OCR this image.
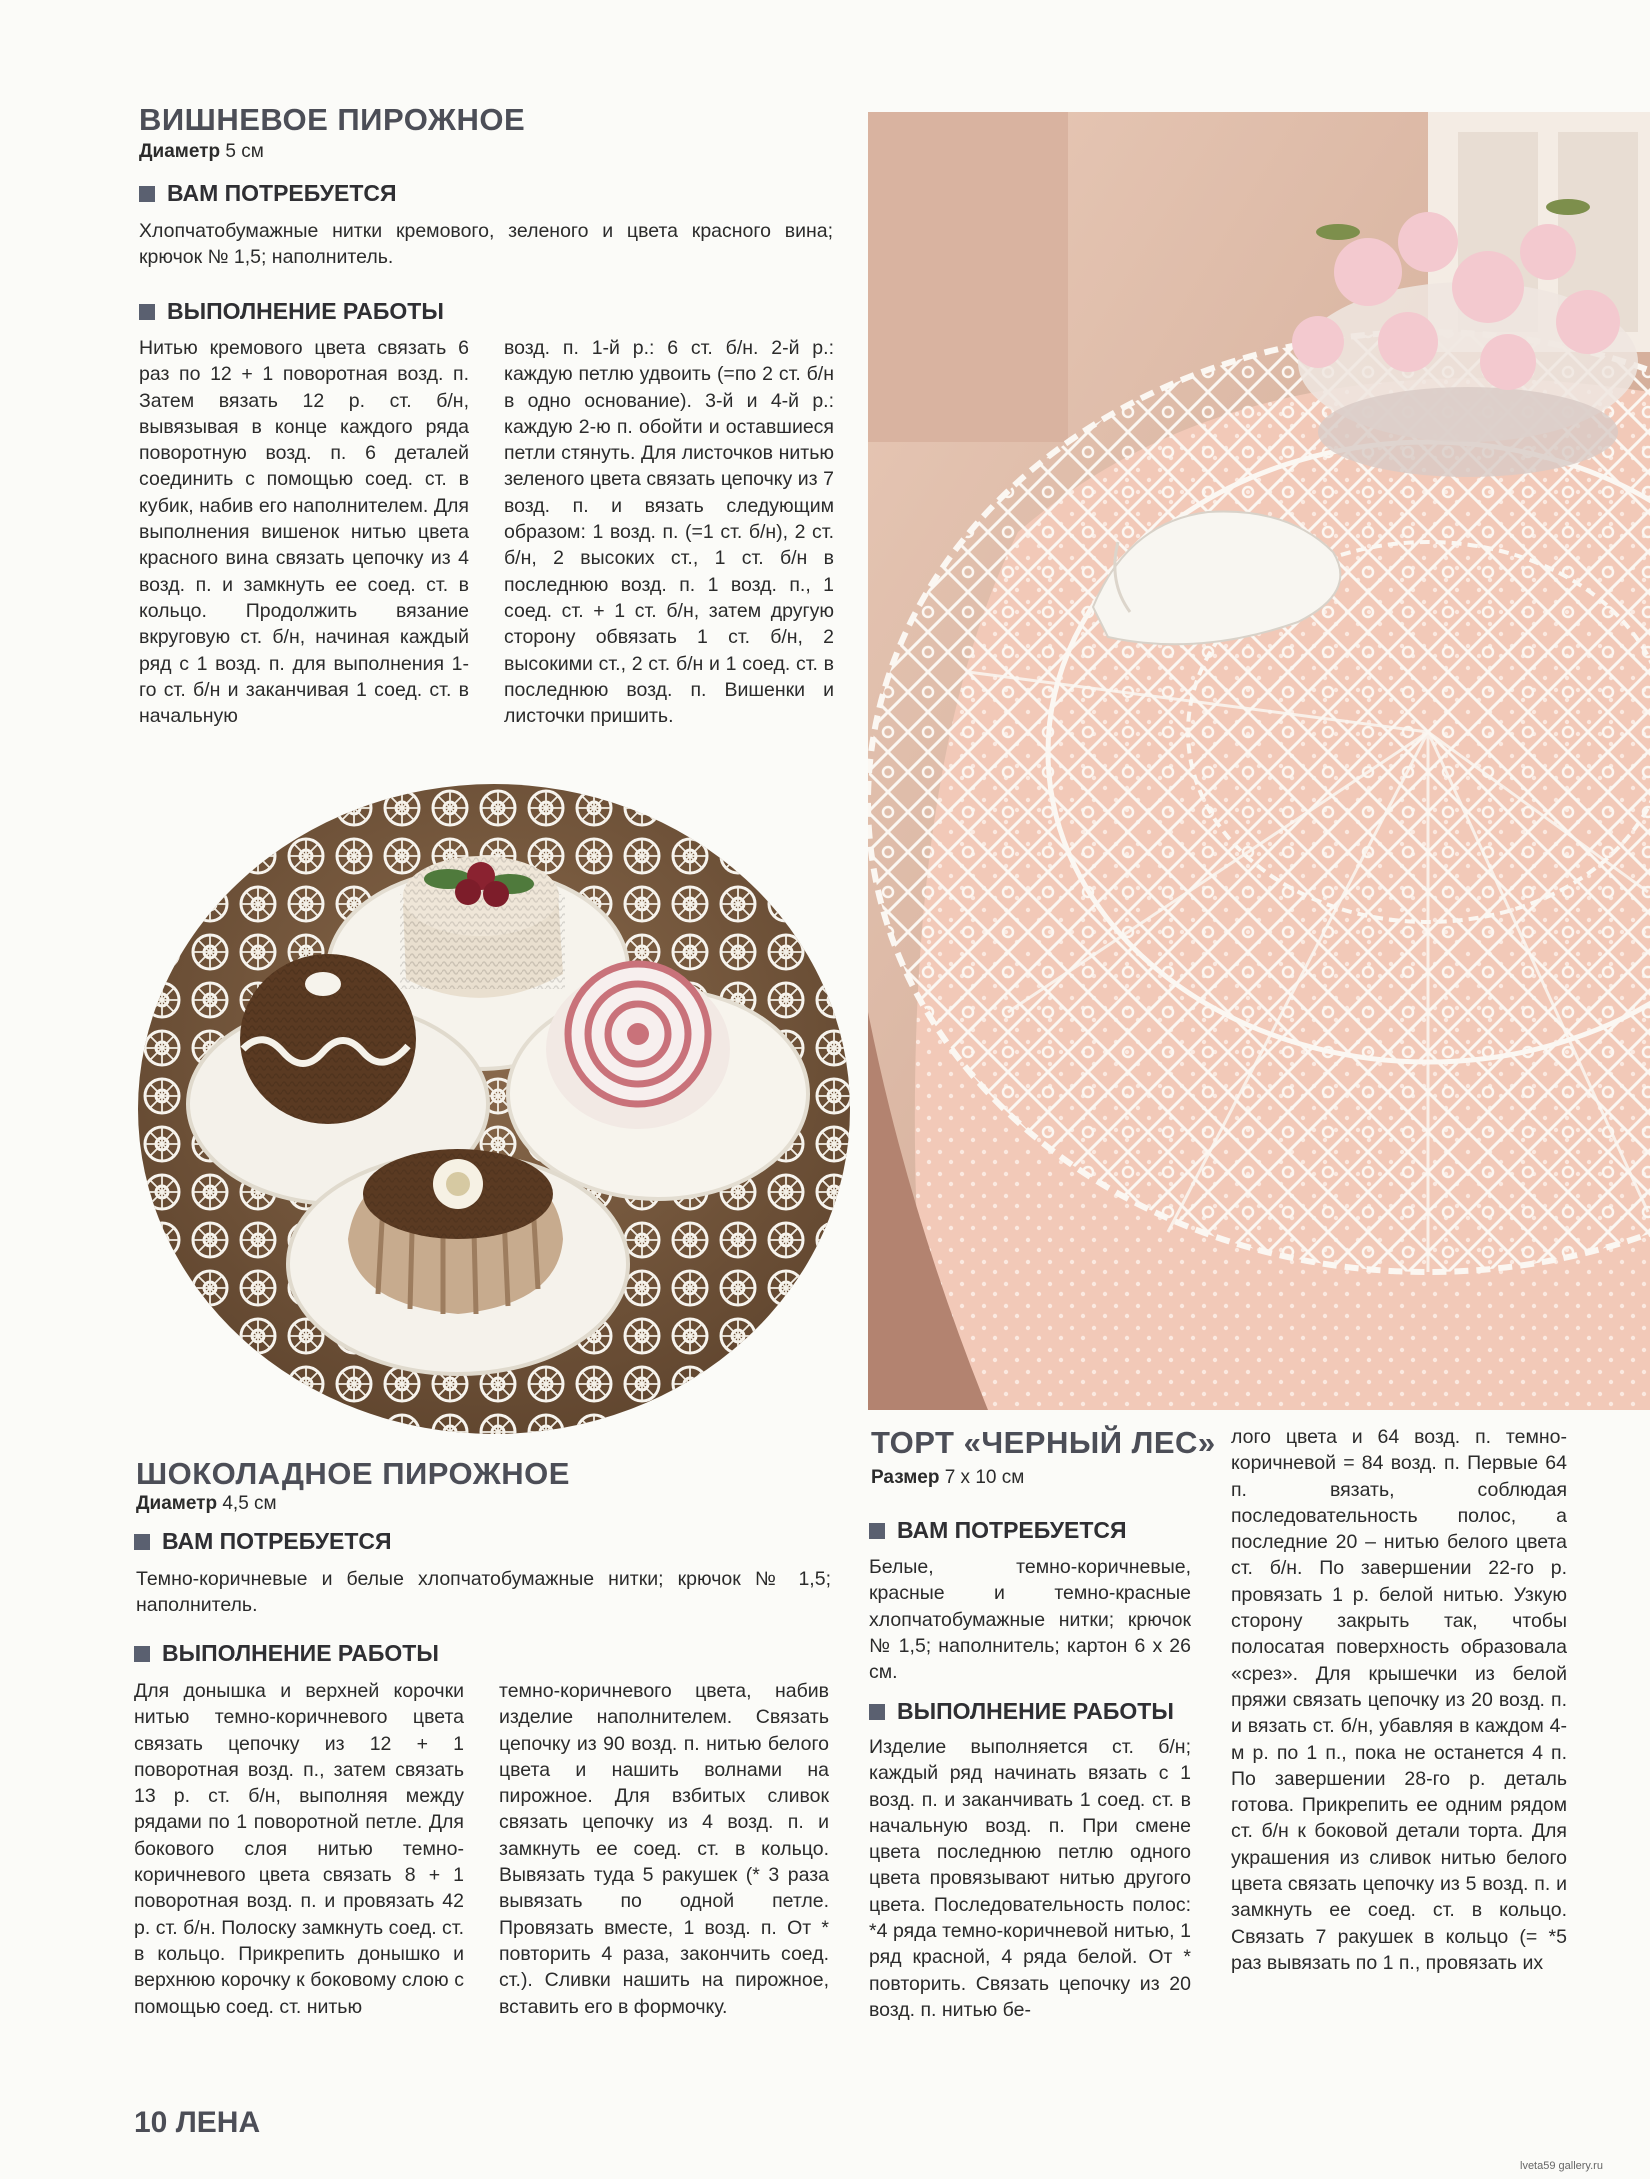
ВИШНЕВОЕ ПИРОЖНОЕ
Диаметр 5 см
ВАМ ПОТРЕБУЕТСЯ

Хлопчатобумажные нитки кремового, зеленого и цвета красного вина; крючок № 1,5; наполнитель.

ВЫПОЛНЕНИЕ РАБОТЫ

Нитью кремового цвета связать 6 раз по 12 + 1 поворотная возд. п. Затем вязать 12 р. ст. б/н, вывязывая в конце каждого ряда поворотную возд. п. 6 деталей соединить с помощью соед. ст. в кубик, набив его наполнителем. Для выполнения вишенок нитью цвета красного вина связать цепочку из 4 возд. п. и замкнуть ее соед. ст. в кольцо. Продолжить вязание вкруговую ст. б/н, начиная каждый ряд с 1 возд. п. для выполнения 1-го ст. б/н и заканчивая 1 соед. ст. в начальную

возд. п. 1-й р.: 6 ст. б/н. 2-й р.: каждую петлю удвоить (=по 2 ст. б/н в одно основание). 3-й и 4-й р.: каждую 2-ю п. обойти и оставшиеся петли стянуть. Для листочков нитью зеленого цвета связать цепочку из 7 возд. п. и вязать следующим образом: 1 возд. п. (=1 ст. б/н), 2 ст. б/н, 2 высоких ст., 1 ст. б/н в последнюю возд. п. 1 возд. п., 1 соед. ст. + 1 ст. б/н, затем другую сторону обвязать 1 ст. б/н, 2 высокими ст., 2 ст. б/н и 1 соед. ст. в последнюю возд. п. Вишенки и листочки пришить.

ШОКОЛАДНОЕ ПИРОЖНОЕ
Диаметр 4,5 см
ВАМ ПОТРЕБУЕТСЯ

Темно-коричневые и белые хлопчатобумажные нитки; крючок № 1,5; наполнитель.

ВЫПОЛНЕНИЕ РАБОТЫ

Для донышка и верхней корочки нитью темно-коричневого цвета связать цепочку из 12 + 1 поворотная возд. п., затем связать 13 р. ст. б/н, выполняя между рядами по 1 поворотной петле. Для бокового слоя нитью темно-коричневого цвета связать 8 + 1 поворотная возд. п. и провязать 42 р. ст. б/н. Полоску замкнуть соед. ст. в кольцо. Прикрепить донышко и верхнюю корочку к боковому слою с помощью соед. ст. нитью

темно-коричневого цвета, набив изделие наполнителем. Связать цепочку из 90 возд. п. нитью белого цвета и нашить волнами на пирожное. Для взбитых сливок связать цепочку из 4 возд. п. и замкнуть ее соед. ст. в кольцо. Вывязать туда 5 ракушек (* 3 раза вывязать по одной петле. Провязать вместе, 1 возд. п. От * повторить 4 раза, закончить соед. ст.). Сливки нашить на пирожное, вставить его в формочку.

ТОРТ «ЧЕРНЫЙ ЛЕС»
Размер 7 х 10 см
ВАМ ПОТРЕБУЕТСЯ

Белые, темно-коричневые, красные и темно-красные хлопчатобумажные нитки; крючок № 1,5; наполнитель; картон 6 х 26 см.

ВЫПОЛНЕНИЕ РАБОТЫ

Изделие выполняется ст. б/н; каждый ряд начинать вязать с 1 возд. п. и заканчивать 1 соед. ст. в начальную возд. п. При смене цвета последнюю петлю одного цвета провязывают нитью другого цвета. Последовательность полос: *4 ряда темно-коричневой нитью, 1 ряд красной, 4 ряда белой. От * повторить. Связать цепочку из 20 возд. п. нитью бе-

лого цвета и 64 возд. п. темно-коричневой = 84 возд. п. Первые 64 п. вязать, соблюдая последовательность полос, а последние 20 – нитью белого цвета ст. б/н. По завершении 22-го р. провязать 1 р. белой нитью. Узкую сторону закрыть так, чтобы полосатая поверхность образовала «срез». Для крышечки из белой пряжи связать цепочку из 20 возд. п. и вязать ст. б/н, убавляя в каждом 4-м р. по 1 п., пока не останется 4 п. По завершении 28-го р. деталь готова. Прикрепить ее одним рядом ст. б/н к боковой детали торта. Для украшения из сливок нитью белого цвета связать цепочку из 5 возд. п. и замкнуть ее соед. ст. в кольцо. Связать 7 ракушек в кольцо (= *5 раз вывязать по 1 п., провязать их

10 ЛЕНА
lveta59 gallery.ru
